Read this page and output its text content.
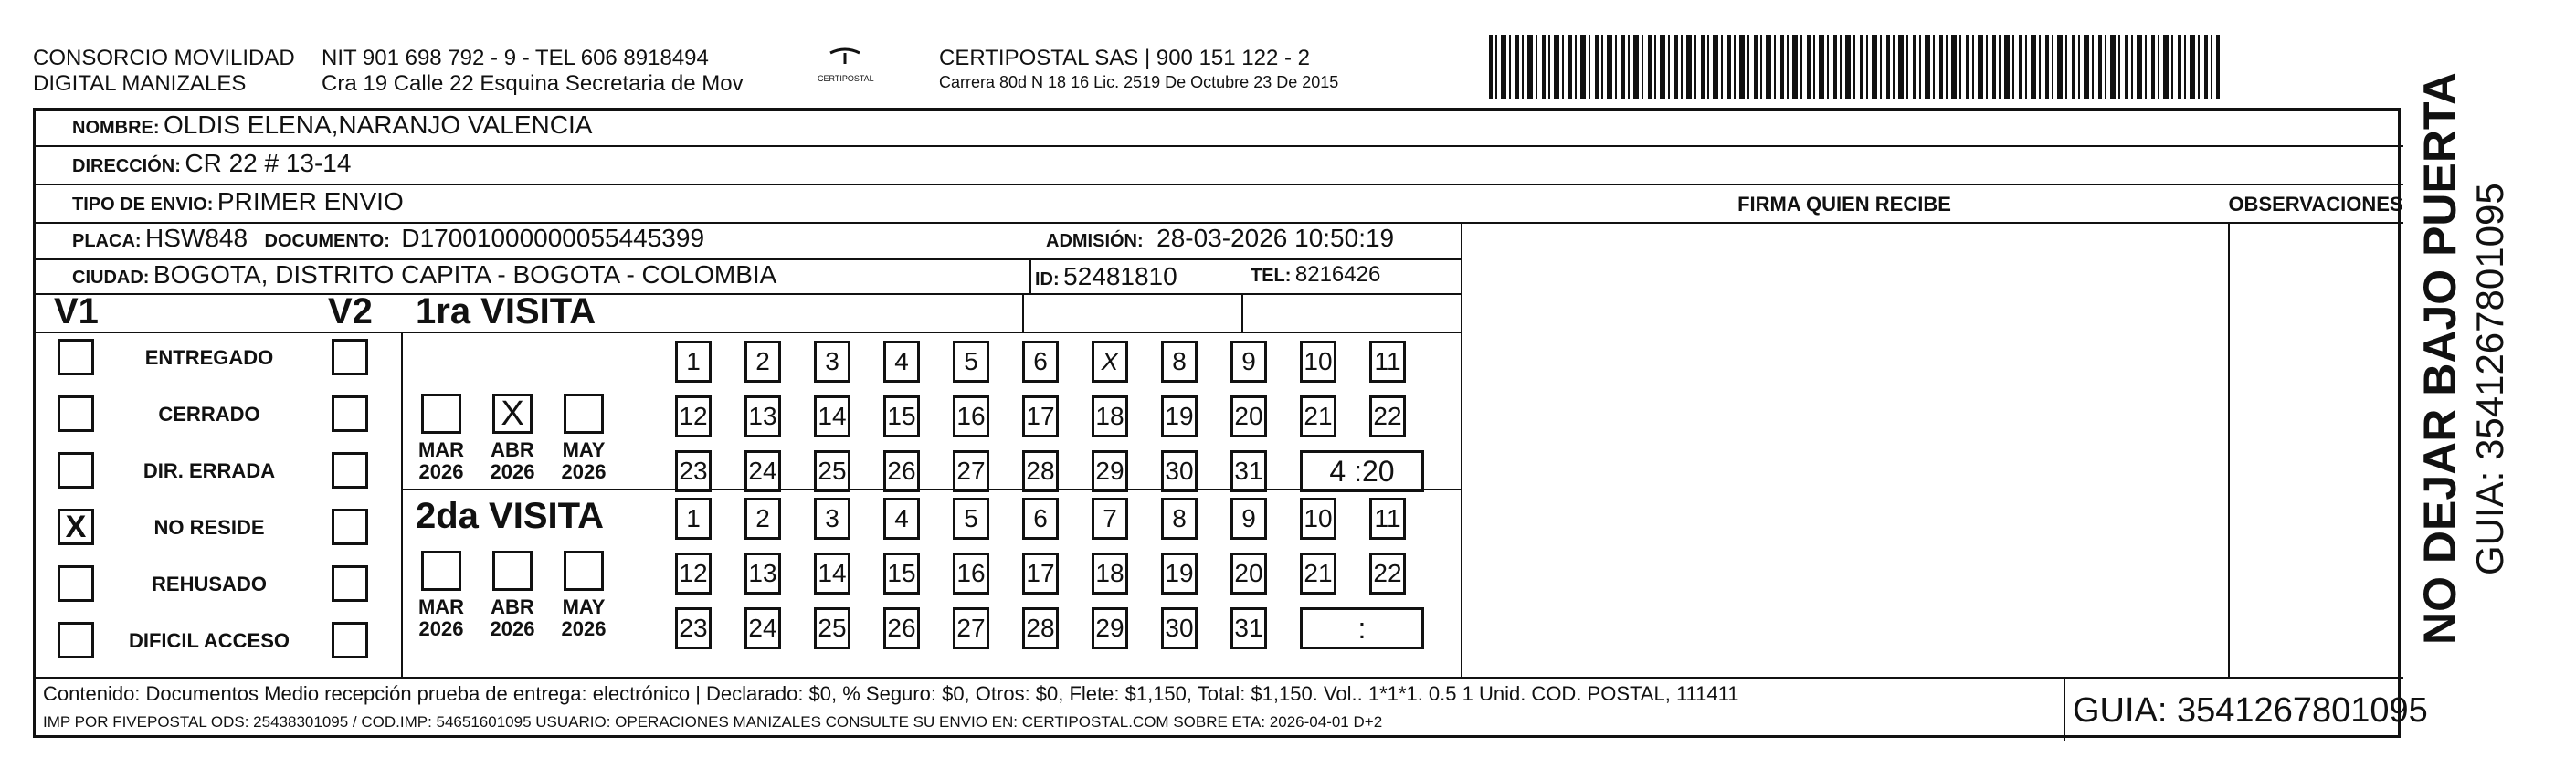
CONSORCIO MOVILIDAD
DIGITAL MANIZALES
NIT 901 698 792 - 9 - TEL 606 8918494
Cra 19 Calle 22 Esquina Secretaria de Mov	CERTIPOSTAL
CERTIPOSTAL SAS | 900 151 122 - 2
Carrera 80d N 18 16 Lic. 2519 De Octubre 23 De 2015
NOMBRE: OLDIS ELENA,NARANJO VALENCIA
DIRECCIÓN: CR 22 # 13-14
TIPO DE ENVIO: PRIMER ENVIO	FIRMA QUIEN RECIBE	OBSERVACIONES
PLACA: HSW848 DOCUMENTO: D17001000000055445399	ADMISIÓN: 28-03-2026 10:50:19
CIUDAD: BOGOTA, DISTRITO CAPITA - BOGOTA - COLOMBIA	ID: 52481810	TEL: 8216426
V1	V2
ENTREGADO
CERRADO
DIR. ERRADA
X	NO RESIDE
REHUSADO
DIFICIL ACCESO
1ra VISITA
2da VISITA
MAR
2026
X
ABR
2026
MAY
2026
1	2	3	4	5	6	X	8	9	10 11
12 13 14 15 16 17 18 19 20 21 22
23 24 25 26 27 28 29 30 31	4 :20
MAR
2026
ABR
2026
MAY
2026
1	2	3	4	5	6	7	8	9	10 11
12 13 14 15 16 17 18 19 20 21 22
23 24 25 26 27 28 29 30 31	:
Contenido: Documentos Medio recepción prueba de entrega: electrónico | Declarado: $0, % Seguro: $0, Otros: $0, Flete: $1,150, Total: $1,150. Vol.. 1*1*1. 0.5 1 Unid. COD. POSTAL, 111411
IMP POR FIVEPOSTAL ODS: 25438301095 / COD.IMP: 54651601095 USUARIO: OPERACIONES MANIZALES CONSULTE SU ENVIO EN: CERTIPOSTAL.COM SOBRE ETA: 2026-04-01 D+2	GUIA: 3541267801095
NO DEJAR BAJO PUERTA GUIA: 3541267801095
